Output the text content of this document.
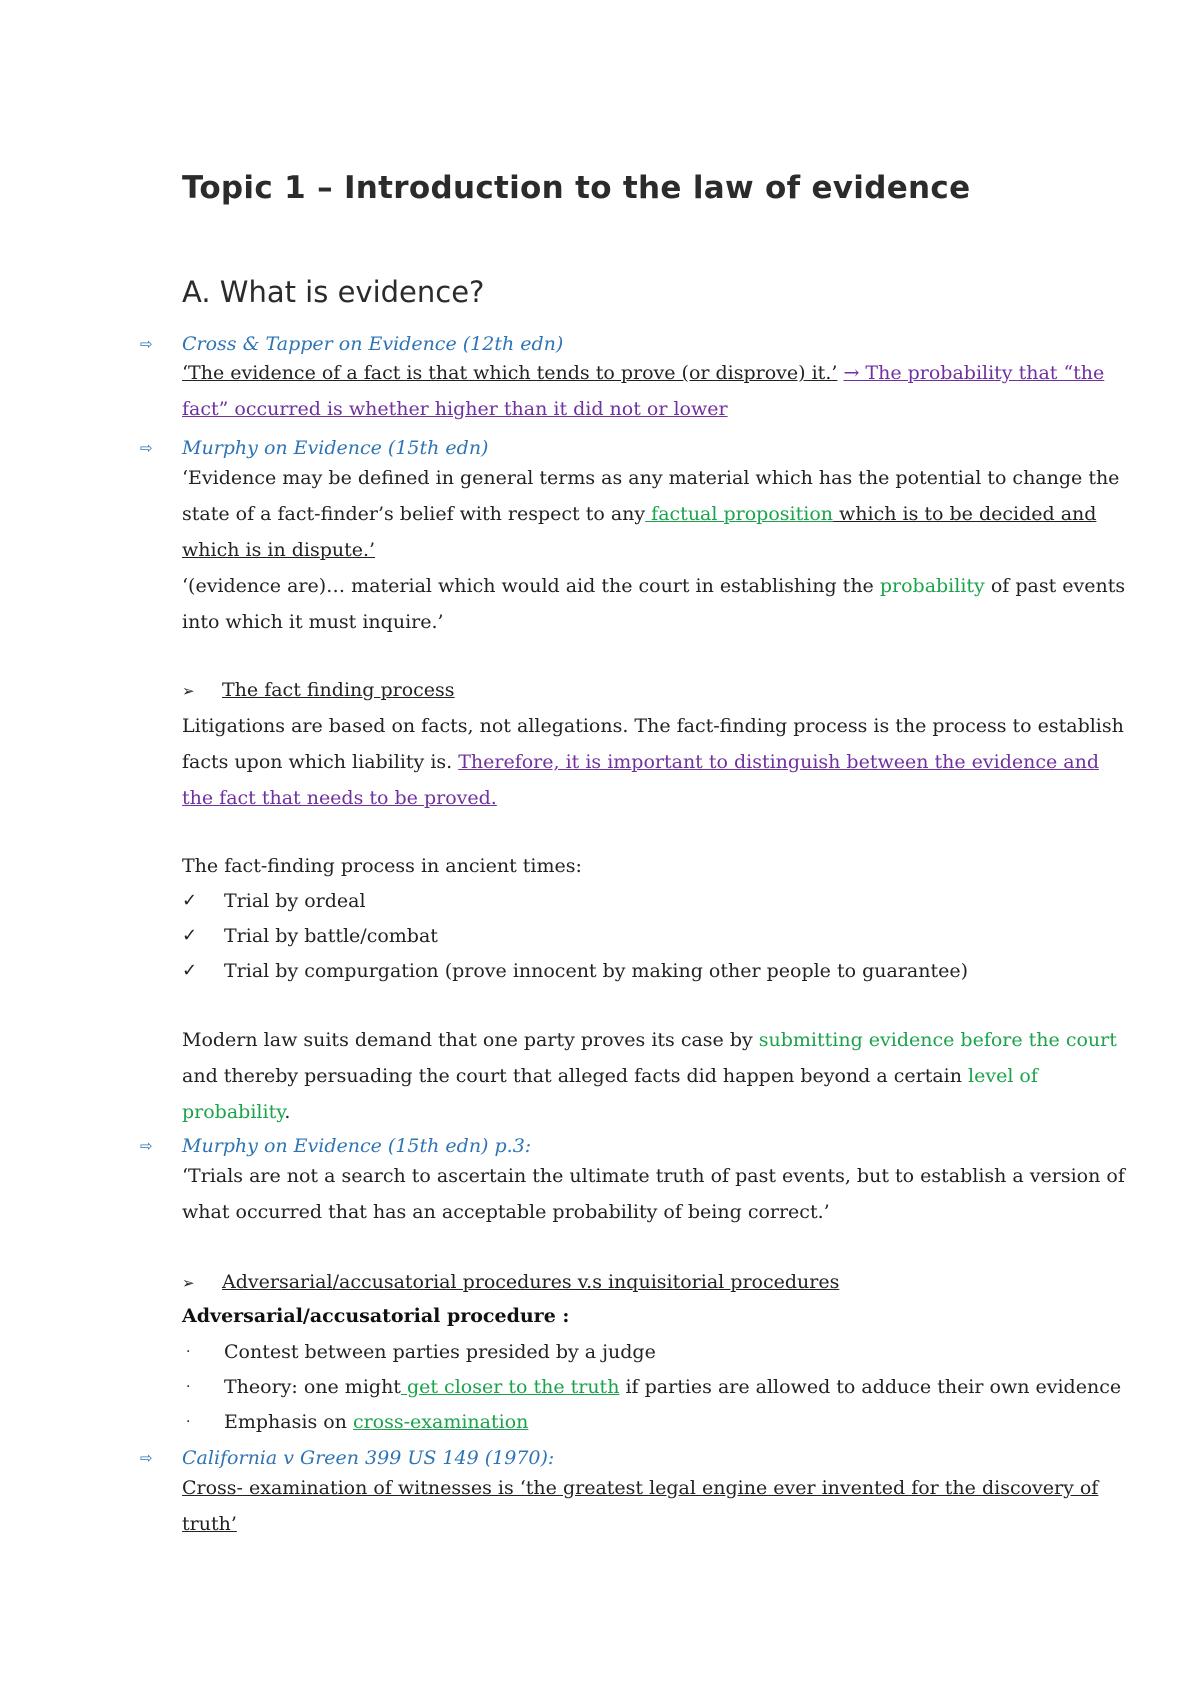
Topic 1 – Introduction to the law of evidence
A. What is evidence?
⇨ Cross & Tapper on Evidence (12th edn)
‘The evidence of a fact is that which tends to prove (or disprove) it.’ → The probability that “the
fact” occurred is whether higher than it did not or lower
⇨ Murphy on Evidence (15th edn)
‘Evidence may be defined in general terms as any material which has the potential to change the
state of a fact-finder’s belief with respect to any factual proposition which is to be decided and
which is in dispute.’
‘(evidence are)… material which would aid the court in establishing the probability of past events
into which it must inquire.’
➢ The fact finding process
Litigations are based on facts, not allegations. The fact-finding process is the process to establish
facts upon which liability is. Therefore, it is important to distinguish between the evidence and
the fact that needs to be proved.
The fact-finding process in ancient times:
✓ Trial by ordeal
✓ Trial by battle/combat
✓ Trial by compurgation (prove innocent by making other people to guarantee)
Modern law suits demand that one party proves its case by submitting evidence before the court
and thereby persuading the court that alleged facts did happen beyond a certain level of
probability.
⇨ Murphy on Evidence (15th edn) p.3:
‘Trials are not a search to ascertain the ultimate truth of past events, but to establish a version of
what occurred that has an acceptable probability of being correct.’
➢ Adversarial/accusatorial procedures v.s inquisitorial procedures
Adversarial/accusatorial procedure :
· Contest between parties presided by a judge
· Theory: one might get closer to the truth if parties are allowed to adduce their own evidence
· Emphasis on cross-examination
⇨ California v Green 399 US 149 (1970):
Cross- examination of witnesses is ‘the greatest legal engine ever invented for the discovery of
truth’
